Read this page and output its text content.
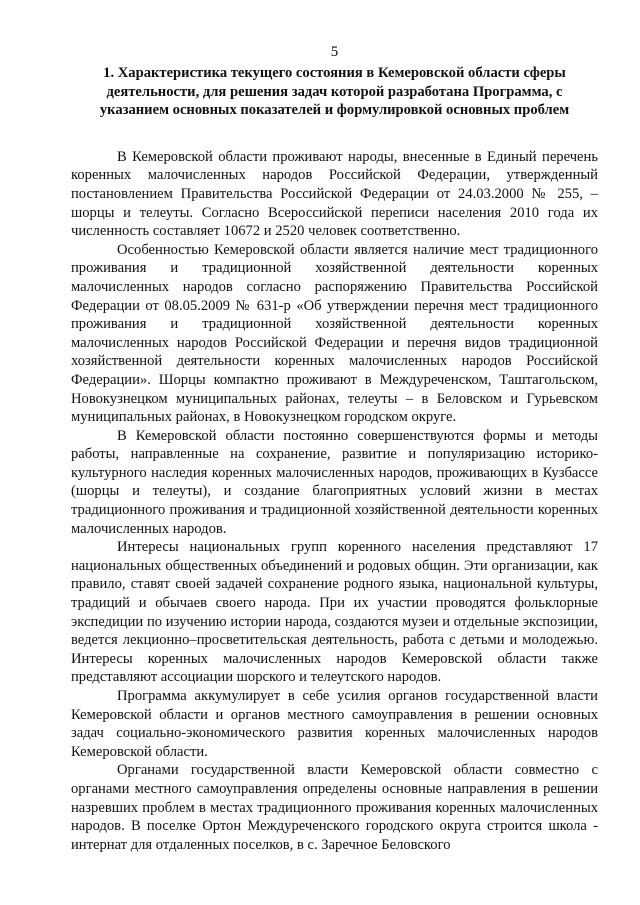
5
1. Характеристика текущего состояния в Кемеровской области сферы деятельности, для решения задач которой разработана Программа, с указанием основных показателей и формулировкой основных проблем

В Кемеровской области проживают народы, внесенные в Единый перечень коренных малочисленных народов Российской Федерации, утвержденный постановлением Правительства Российской Федерации от 24.03.2000 № 255, – шорцы и телеуты. Согласно Всероссийской переписи населения 2010 года их численность составляет 10672 и 2520 человек соответственно.

Особенностью Кемеровской области является наличие мест традиционного проживания и традиционной хозяйственной деятельности коренных малочисленных народов согласно распоряжению Правительства Российской Федерации от 08.05.2009 № 631-р «Об утверждении перечня мест традиционного проживания и традиционной хозяйственной деятельности коренных малочисленных народов Российской Федерации и перечня видов традиционной хозяйственной деятельности коренных малочисленных народов Российской Федерации». Шорцы компактно проживают в Междуреченском, Таштагольском, Новокузнецком муниципальных районах, телеуты – в Беловском и Гурьевском муниципальных районах, в Новокузнецком городском округе.

В Кемеровской области постоянно совершенствуются формы и методы работы, направленные на сохранение, развитие и популяризацию историко-культурного наследия коренных малочисленных народов, проживающих в Кузбассе (шорцы и телеуты), и создание благоприятных условий жизни в местах традиционного проживания и традиционной хозяйственной деятельности коренных малочисленных народов.

Интересы национальных групп коренного населения представляют 17 национальных общественных объединений и родовых общин. Эти организации, как правило, ставят своей задачей сохранение родного языка, национальной культуры, традиций и обычаев своего народа. При их участии проводятся фольклорные экспедиции по изучению истории народа, создаются музеи и отдельные экспозиции, ведется лекционно–просветительская деятельность, работа с детьми и молодежью. Интересы коренных малочисленных народов Кемеровской области также представляют ассоциации шорского и телеутского народов.

Программа аккумулирует в себе усилия органов государственной власти Кемеровской области и органов местного самоуправления в решении основных задач социально-экономического развития коренных малочисленных народов Кемеровской области.

Органами государственной власти Кемеровской области совместно с органами местного самоуправления определены основные направления в решении назревших проблем в местах традиционного проживания коренных малочисленных народов. В поселке Ортон Междуреченского городского округа строится школа - интернат для отдаленных поселков, в с. Заречное Беловского
